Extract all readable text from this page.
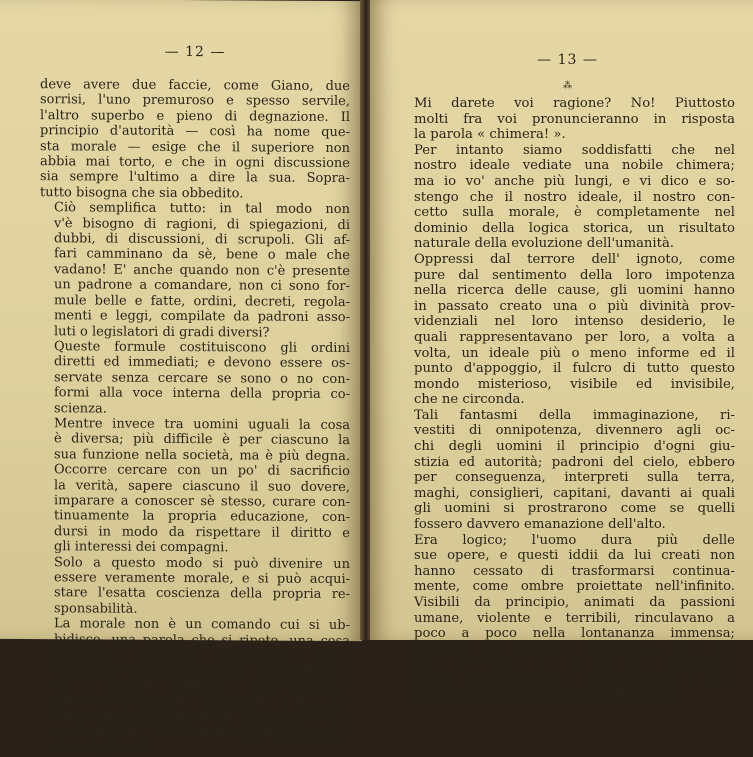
— 12 —

deve avere due faccie, come Giano, due
sorrisi, l'uno premuroso e spesso servile,
l'altro superbo e pieno di degnazione. Il
principio d'autorità — così ha nome que-
sta morale — esige che il superiore non
abbia mai torto, e che in ogni discussione
sia sempre l'ultimo a dire la sua. Sopra-
tutto bisogna che sia obbedito.

Ciò semplifica tutto: in tal modo non
v'è bisogno di ragioni, di spiegazioni, di
dubbi, di discussioni, di scrupoli. Gli af-
fari camminano da sè, bene o male che
vadano! E' anche quando non c'è presente
un padrone a comandare, non ci sono for-
mule belle e fatte, ordini, decreti, regola-
menti e leggi, compilate da padroni asso-
luti o legislatori di gradi diversi?

Queste formule costituiscono gli ordini
diretti ed immediati; e devono essere os-
servate senza cercare se sono o no con-
formi alla voce interna della propria co-
scienza.

Mentre invece tra uomini uguali la cosa
è diversa; più difficile è per ciascuno la
sua funzione nella società, ma è più degna.
Occorre cercare con un po' di sacrificio
la verità, sapere ciascuno il suo dovere,
imparare a conoscer sè stesso, curare con-
tinuamente la propria educazione, con-
dursi in modo da rispettare il diritto e
gli interessi dei compagni.

Solo a questo modo si può divenire un
essere veramente morale, e si può acqui-
stare l'esatta coscienza della propria re-
sponsabilità.

La morale non è un comando cui si ub-
bidisce, una parola che si ripete, una cosa
puramente esteriore all'individuo; bensì
una parte dell'essere stesso, quale diviene,
ed un prodotto della vita. Così noi anar-
chici comprendiamo la morale; e non ab-
biamo dunque il diritto di paragonarla con
soddisfazione alla morale vecchia trasmes-
saci dagli avi?

— 13 —
⁂

Mi darete voi ragione? No! Piuttosto
molti fra voi pronuncieranno in risposta
la parola « chimera! ».

Per intanto siamo soddisfatti che nel
nostro ideale vediate una nobile chimera;
ma io vo' anche più lungi, e vi dico e so-
stengo che il nostro ideale, il nostro con-
cetto sulla morale, è completamente nel
dominio della logica storica, un risultato
naturale della evoluzione dell'umanità.

Oppressi dal terrore dell' ignoto, come
pure dal sentimento della loro impotenza
nella ricerca delle cause, gli uomini hanno
in passato creato una o più divinità prov-
videnziali nel loro intenso desiderio, le
quali rappresentavano per loro, a volta a
volta, un ideale più o meno informe ed il
punto d'appoggio, il fulcro di tutto questo
mondo misterioso, visibile ed invisibile,
che ne circonda.

Tali fantasmi della immaginazione, ri-
vestiti di onnipotenza, divennero agli oc-
chi degli uomini il principio d'ogni giu-
stizia ed autorità; padroni del cielo, ebbero
per conseguenza, interpreti sulla terra,
maghi, consiglieri, capitani, davanti ai quali
gli uomini si prostrarono come se quelli
fossero davvero emanazione dell'alto.

Era logico; l'uomo dura più delle
sue opere, e questi iddii da lui creati non
hanno cessato di trasformarsi continua-
mente, come ombre proiettate nell'infinito.
Visibili da principio, animati da passioni
umane, violente e terribili, rinculavano a
poco a poco nella lontananza immensa;
finirono col diventare astrazioni, idee su-
blimi alle quali non si può dare un nome,
finchè non arrivarono gradatamente a con-
fondersi con le stesse leggi naturali del
